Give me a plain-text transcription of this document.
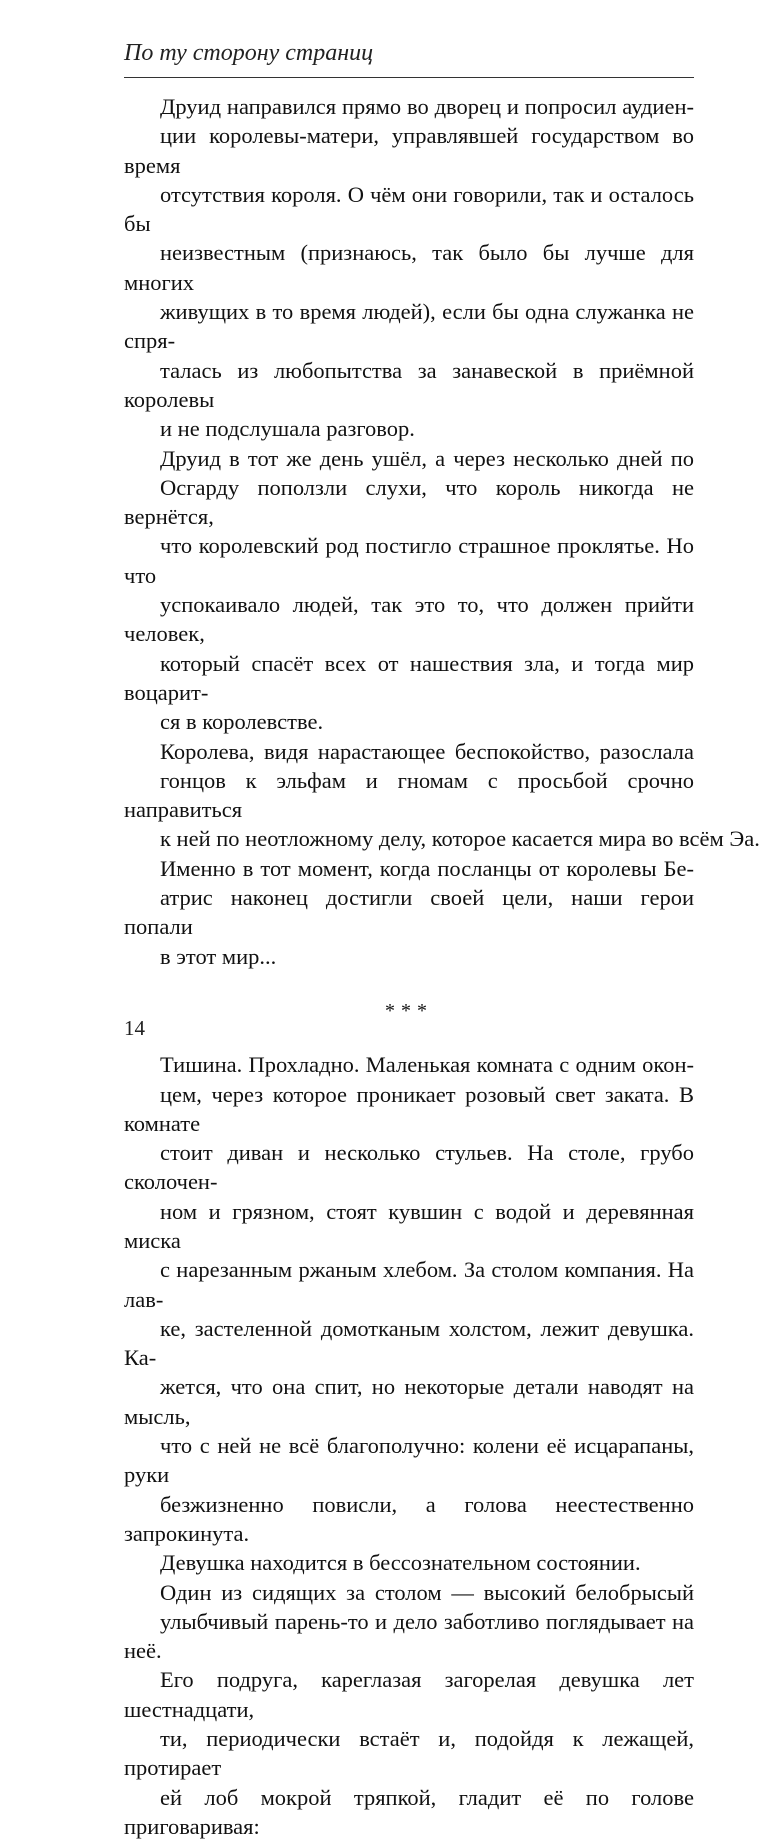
По ту сторону страниц

Друид направился прямо во дворец и попросил аудиен-
ции королевы-матери, управлявшей государством во время
отсутствия короля. О чём они говорили, так и осталось бы
неизвестным (признаюсь, так было бы лучше для многих
живущих в то время людей), если бы одна служанка не спря-
талась из любопытства за занавеской в приёмной королевы
и не подслушала разговор.

Друид в тот же день ушёл, а через несколько дней по
Осгарду поползли слухи, что король никогда не вернётся,
что королевский род постигло страшное проклятье. Но что
успокаивало людей, так это то, что должен прийти человек,
который спасёт всех от нашествия зла, и тогда мир воцарит-
ся в королевстве.

Королева, видя нарастающее беспокойство, разослала
гонцов к эльфам и гномам с просьбой срочно направиться
к ней по неотложному делу, которое касается мира во всём Эа.

Именно в тот момент, когда посланцы от королевы Бе-
атрис наконец достигли своей цели, наши герои попали
в этот мир...

***

Тишина. Прохладно. Маленькая комната с одним окон-
цем, через которое проникает розовый свет заката. В комнате
стоит диван и несколько стульев. На столе, грубо сколочен-
ном и грязном, стоят кувшин с водой и деревянная миска
с нарезанным ржаным хлебом. За столом компания. На лав-
ке, застеленной домотканым холстом, лежит девушка. Ка-
жется, что она спит, но некоторые детали наводят на мысль,
что с ней не всё благополучно: колени её исцарапаны, руки
безжизненно повисли, а голова неестественно запрокинута.
Девушка находится в бессознательном состоянии.

Один из сидящих за столом — высокий белобрысый
улыбчивый парень-то и дело заботливо поглядывает на неё.
Его подруга, кареглазая загорелая девушка лет шестнадцати,
ти, периодически встаёт и, подойдя к лежащей, протирает
ей лоб мокрой тряпкой, гладит её по голове приговаривая:

14
